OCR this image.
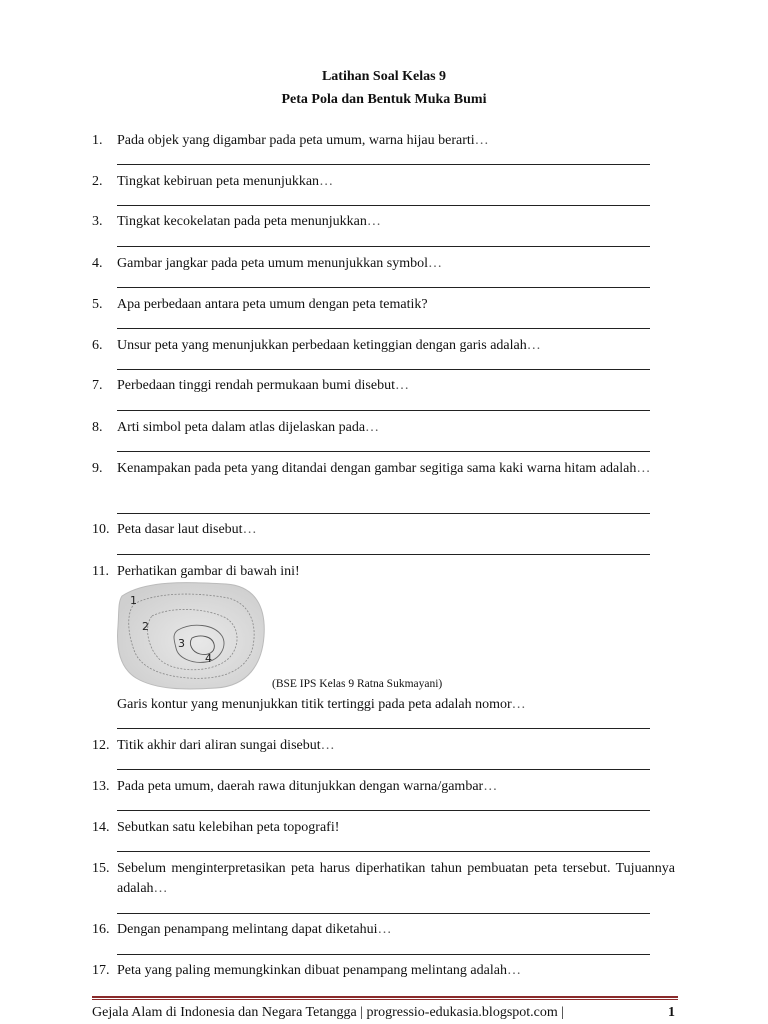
Latihan Soal Kelas 9
Peta Pola dan Bentuk Muka Bumi
1. Pada objek yang digambar pada peta umum, warna hijau berarti…
2. Tingkat kebiruan peta menunjukkan…
3. Tingkat kecokelatan pada peta menunjukkan…
4. Gambar jangkar pada peta umum menunjukkan symbol…
5. Apa perbedaan antara peta umum dengan peta tematik?
6. Unsur peta yang menunjukkan perbedaan ketinggian dengan garis adalah…
7. Perbedaan tinggi rendah permukaan bumi disebut…
8. Arti simbol peta dalam atlas dijelaskan pada…
9. Kenampakan pada peta yang ditandai dengan gambar segitiga sama kaki warna hitam adalah…
10. Peta dasar laut disebut…
11. Perhatikan gambar di bawah ini!
1
2
3
4
(BSE IPS Kelas 9 Ratna Sukmayani)
Garis kontur yang menunjukkan titik tertinggi pada peta adalah nomor…
12. Titik akhir dari aliran sungai disebut…
13. Pada peta umum, daerah rawa ditunjukkan dengan warna/gambar…
14. Sebutkan satu kelebihan peta topografi!
15. Sebelum menginterpretasikan peta harus diperhatikan tahun pembuatan peta tersebut. Tujuannya adalah…
16. Dengan penampang melintang dapat diketahui…
17. Peta yang paling memungkinkan dibuat penampang melintang adalah…
Gejala Alam di Indonesia dan Negara Tetangga | progressio-edukasia.blogspot.com |	1
